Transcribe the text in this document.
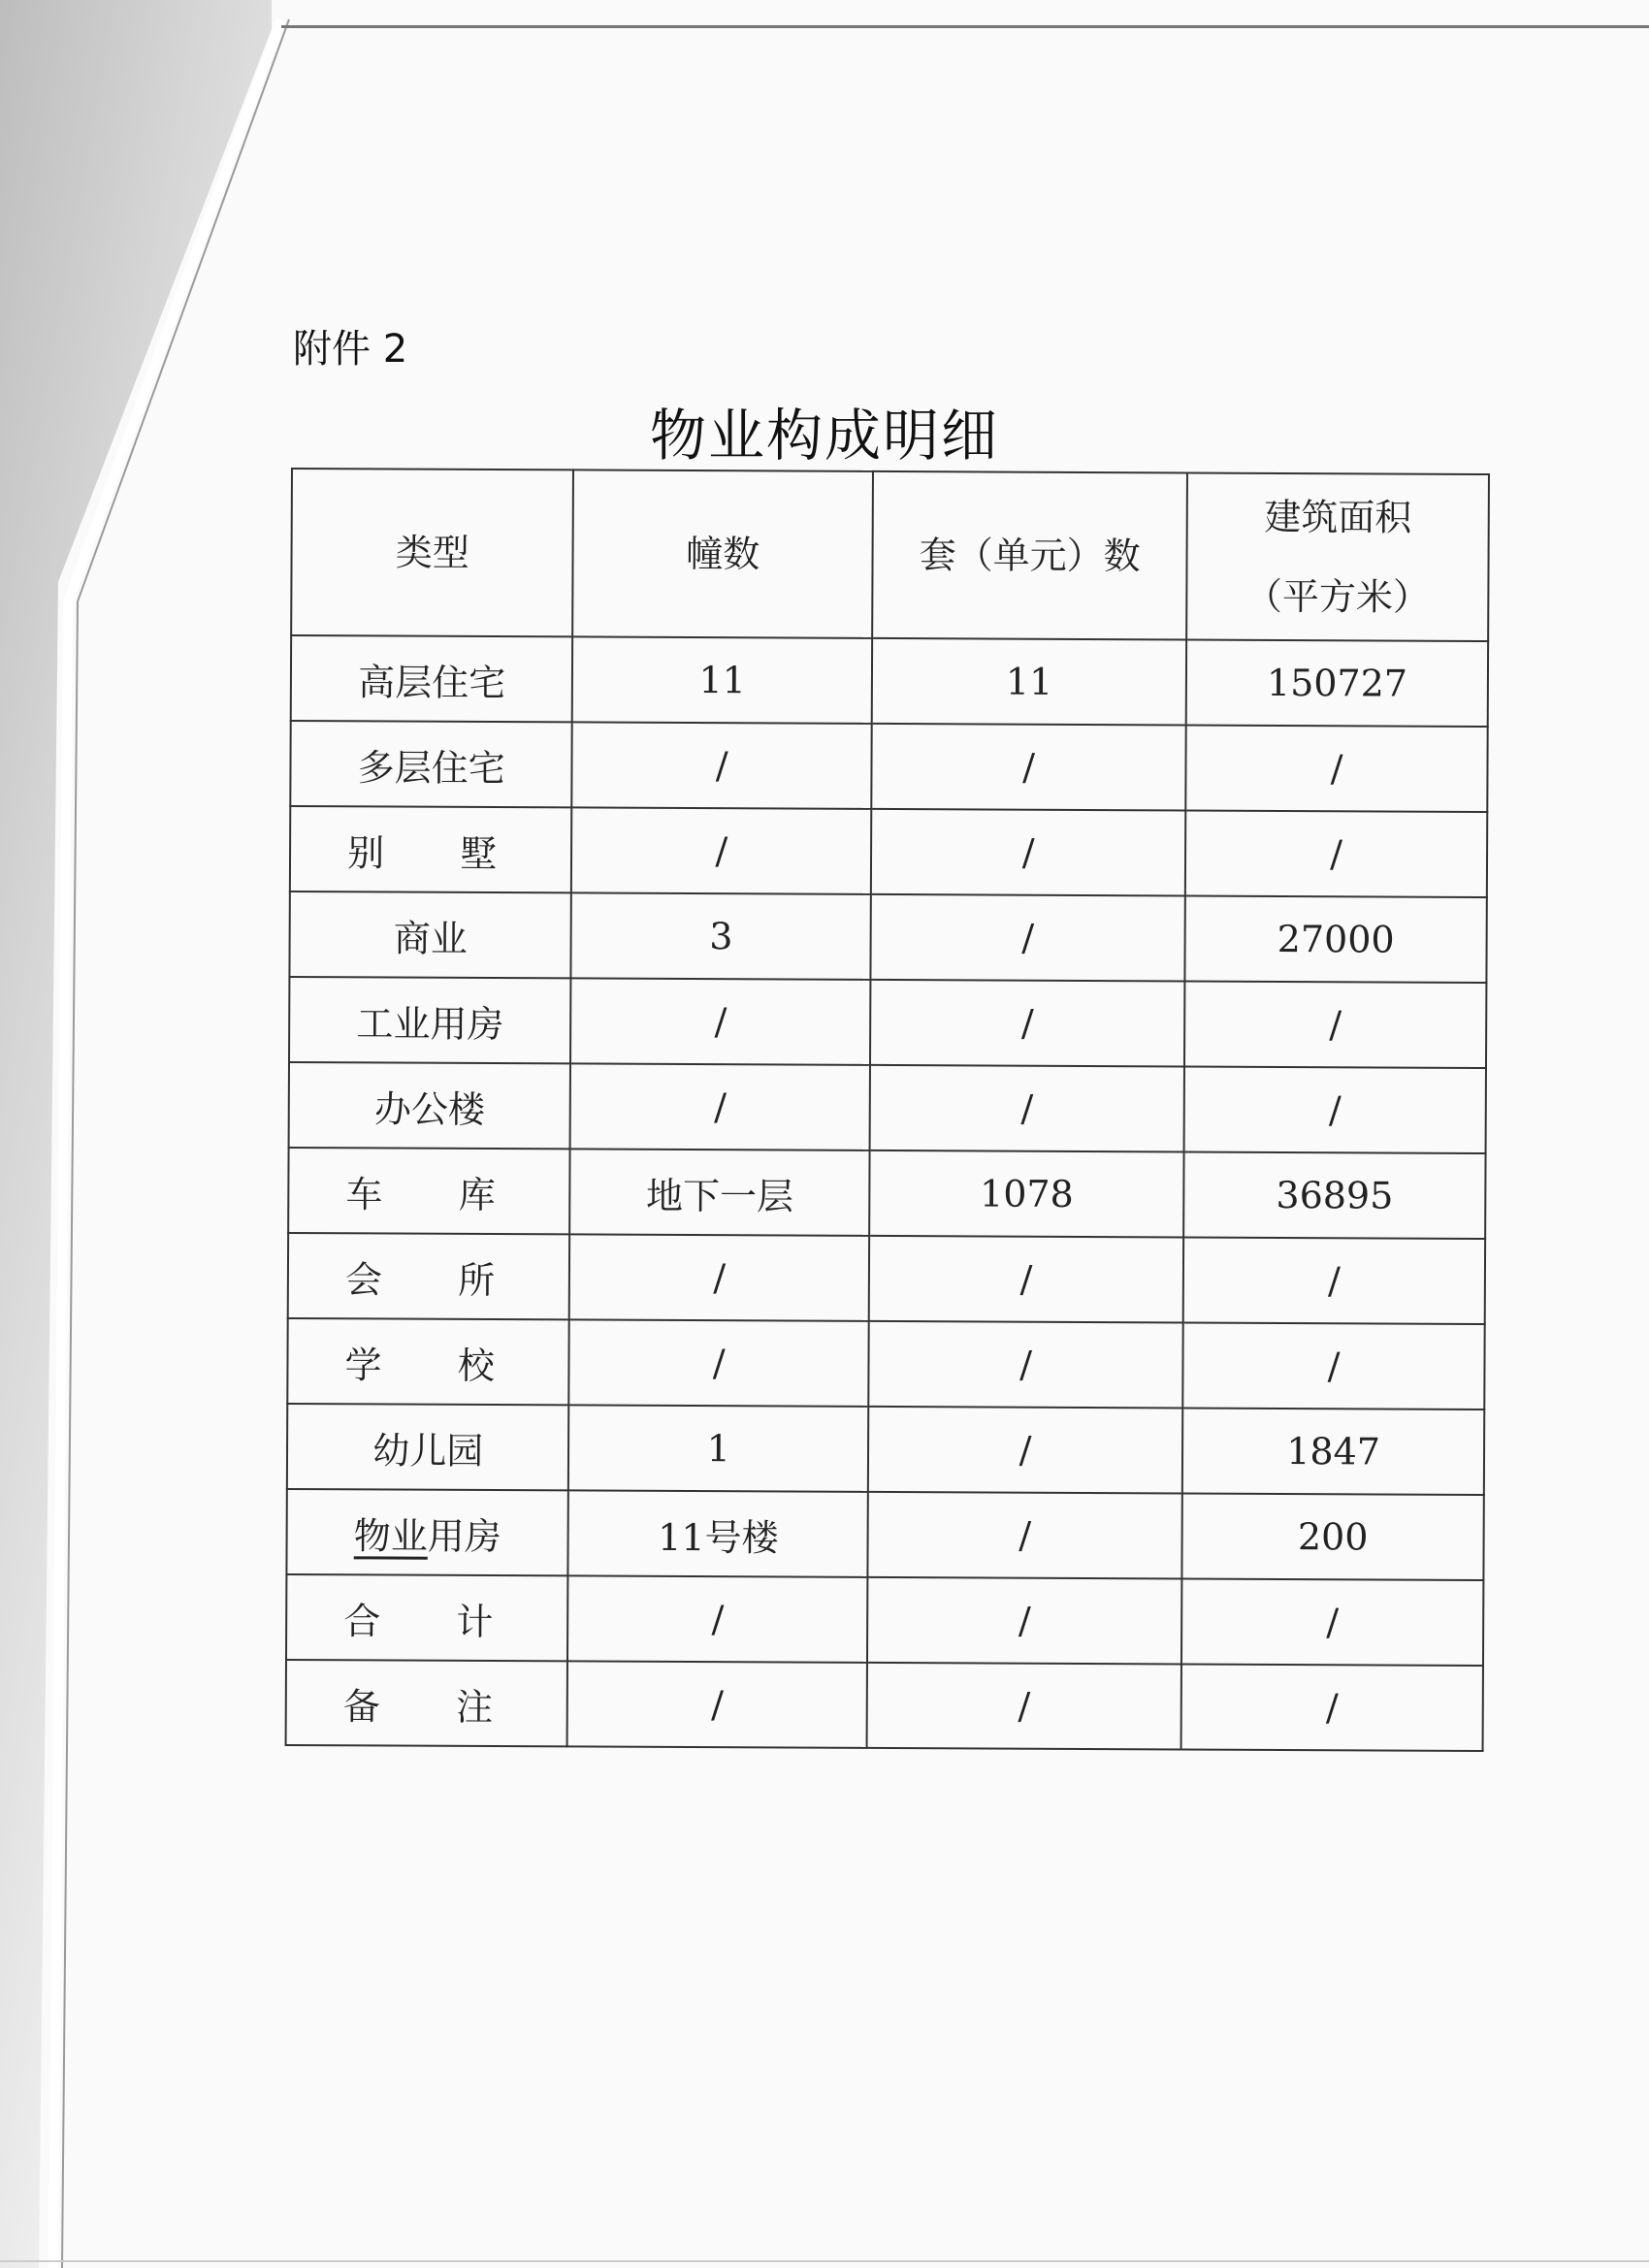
附件 2
物业构成明细
类型	幢数	套（单元）数	建筑面积
（平方米）

高层住宅	11	11	150727
多层住宅	/	/	/
别  墅	/	/	/
商业	3	/	27000
工业用房	/	/	/
办公楼	/	/	/
车  库	地下一层	1078	36895
会  所	/	/	/
学  校	/	/	/
幼儿园	1	/	1847
物业用房	11号楼	/	200
合  计	/	/	/
备  注	/	/	/
